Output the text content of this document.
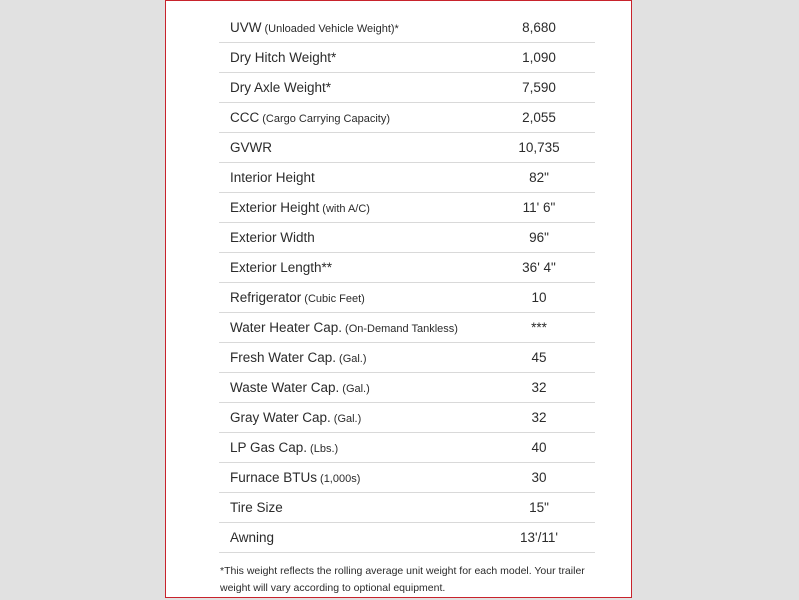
UVW (Unloaded Vehicle Weight)*	8,680
Dry Hitch Weight*	1,090
Dry Axle Weight*	7,590
CCC (Cargo Carrying Capacity)	2,055
GVWR	10,735
Interior Height	82"
Exterior Height (with A/C)	11' 6"
Exterior Width	96"
Exterior Length**	36' 4"
Refrigerator (Cubic Feet)	10
Water Heater Cap. (On-Demand Tankless)	***
Fresh Water Cap. (Gal.)	45
Waste Water Cap. (Gal.)	32
Gray Water Cap. (Gal.)	32
LP Gas Cap. (Lbs.)	40
Furnace BTUs (1,000s)	30
Tire Size	15"
Awning	13'/11'
*This weight reflects the rolling average unit weight for each model. Your trailer weight will vary according to optional equipment.
